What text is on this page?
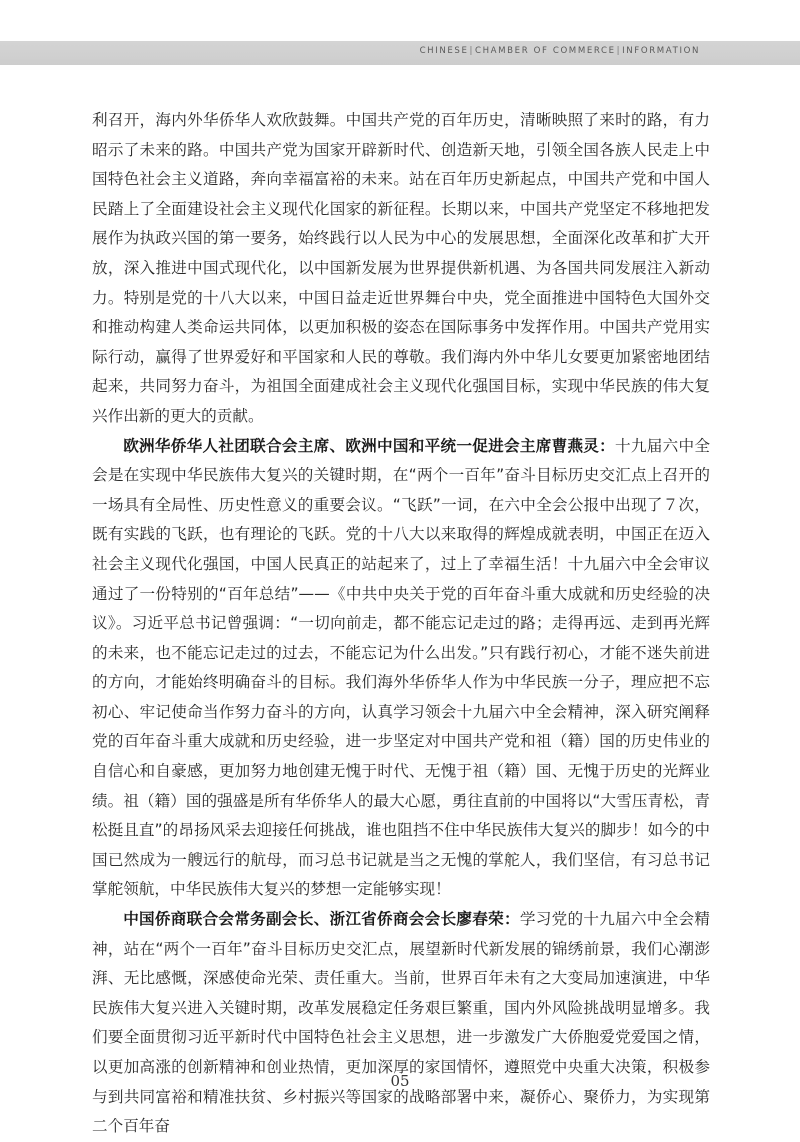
CHINESE|CHAMBER OF COMMERCE|INFORMATION

利召开，海内外华侨华人欢欣鼓舞。中国共产党的百年历史，清晰映照了来时的路，有力昭示了未来的路。中国共产党为国家开辟新时代、创造新天地，引领全国各族人民走上中国特色社会主义道路，奔向幸福富裕的未来。站在百年历史新起点，中国共产党和中国人民踏上了全面建设社会主义现代化国家的新征程。长期以来，中国共产党坚定不移地把发展作为执政兴国的第一要务，始终践行以人民为中心的发展思想，全面深化改革和扩大开放，深入推进中国式现代化，以中国新发展为世界提供新机遇、为各国共同发展注入新动力。特别是党的十八大以来，中国日益走近世界舞台中央，党全面推进中国特色大国外交和推动构建人类命运共同体，以更加积极的姿态在国际事务中发挥作用。中国共产党用实际行动，赢得了世界爱好和平国家和人民的尊敬。我们海内外中华儿女要更加紧密地团结起来，共同努力奋斗，为祖国全面建成社会主义现代化强国目标，实现中华民族的伟大复兴作出新的更大的贡献。

欧洲华侨华人社团联合会主席、欧洲中国和平统一促进会主席曹燕灵：十九届六中全会是在实现中华民族伟大复兴的关键时期，在“两个一百年”奋斗目标历史交汇点上召开的一场具有全局性、历史性意义的重要会议。“飞跃”一词，在六中全会公报中出现了７次，既有实践的飞跃，也有理论的飞跃。党的十八大以来取得的辉煌成就表明，中国正在迈入社会主义现代化强国，中国人民真正的站起来了，过上了幸福生活！十九届六中全会审议通过了一份特别的“百年总结”——《中共中央关于党的百年奋斗重大成就和历史经验的决议》。习近平总书记曾强调：“一切向前走，都不能忘记走过的路；走得再远、走到再光辉的未来，也不能忘记走过的过去，不能忘记为什么出发。”只有践行初心，才能不迷失前进的方向，才能始终明确奋斗的目标。我们海外华侨华人作为中华民族一分子，理应把不忘初心、牢记使命当作努力奋斗的方向，认真学习领会十九届六中全会精神，深入研究阐释党的百年奋斗重大成就和历史经验，进一步坚定对中国共产党和祖（籍）国的历史伟业的自信心和自豪感，更加努力地创建无愧于时代、无愧于祖（籍）国、无愧于历史的光辉业绩。祖（籍）国的强盛是所有华侨华人的最大心愿，勇往直前的中国将以“大雪压青松，青松挺且直”的昂扬风采去迎接任何挑战，谁也阻挡不住中华民族伟大复兴的脚步！如今的中国已然成为一艘远行的航母，而习总书记就是当之无愧的掌舵人，我们坚信，有习总书记掌舵领航，中华民族伟大复兴的梦想一定能够实现！

中国侨商联合会常务副会长、浙江省侨商会会长廖春荣：学习党的十九届六中全会精神，站在“两个一百年”奋斗目标历史交汇点，展望新时代新发展的锦绣前景，我们心潮澎湃、无比感慨，深感使命光荣、责任重大。当前，世界百年未有之大变局加速演进，中华民族伟大复兴进入关键时期，改革发展稳定任务艰巨繁重，国内外风险挑战明显增多。我们要全面贯彻习近平新时代中国特色社会主义思想，进一步激发广大侨胞爱党爱国之情，以更加高涨的创新精神和创业热情，更加深厚的家国情怀，遵照党中央重大决策，积极参与到共同富裕和精准扶贫、乡村振兴等国家的战略部署中来，凝侨心、聚侨力，为实现第二个百年奋

05
